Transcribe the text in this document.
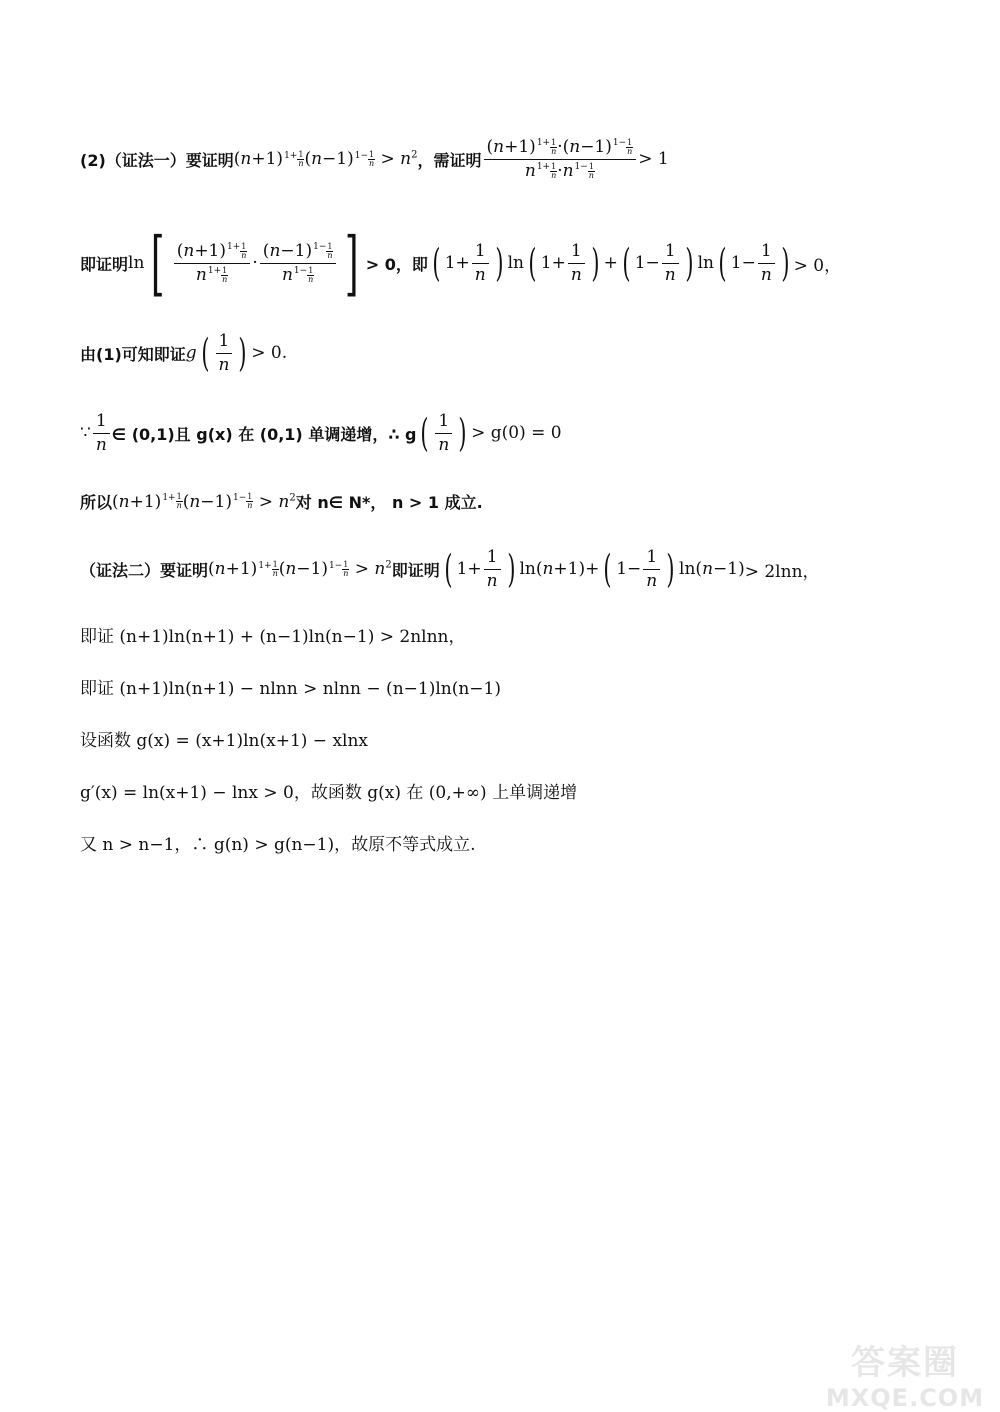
(2)（证法一）要证明 (n+1) $^{1+ \frac{1}{n}}$ (n−1) $^{1- \frac{1}{n}} > n^2$ ，需证明 $(n+1)^{1+ 1 n} \cdot(n-1)^{1- 1 n}$
$n^{1+ 1 n} \cdot n^{1- 1 n} > 1$
即证明 ln [ $(n+1)^{1+ 1 n}$
$n^{1+ 1 n} \cdot (n-1)^{1- 1 n}$
$n^{1- 1 n}$ ] > 0，即 ( $1+ \frac{1}{n}$ ) ln ( $1+ \frac{1}{n}$ ) + ( $1- \frac{1}{n}$ ) ln ( $1- \frac{1}{n}$ ) > 0，
由(1)可知即证 g ( $\frac{1}{n}$ ) > 0.
∵ $\frac{1}{n}$ ∈ (0,1)且 g(x) 在 (0,1) 单调递增，∴ g ( $\frac{1}{n}$ ) > g(0) = 0
所以 $(n+1)^{1+ 1 n}$ $(n-1)^{1- 1 n} > n^2$ 对 n∈ N*， n > 1 成立.
（证法二）要证明 $(n+1)^{1+ 1 n}$ $(n-1)^{1- 1 n} > n^2$ 即证明 ( $1+ \frac{1}{n}$ ) ln( n +1)+ ( $1- \frac{1}{n}$ ) ln( n −1) > 2lnn，
即证 (n+1)ln(n+1) + (n−1)ln(n−1) > 2nlnn，
即证 (n+1)ln(n+1) − nlnn > nlnn − (n−1)ln(n−1)
设函数 g(x) = (x+1)ln(x+1) − xlnx
g′(x) = ln(x+1) − lnx > 0，故函数 g(x) 在 (0,+∞) 上单调递增
又 n > n−1，∴ g(n) > g(n−1)，故原不等式成立.
答案圈
MXQE.COM
